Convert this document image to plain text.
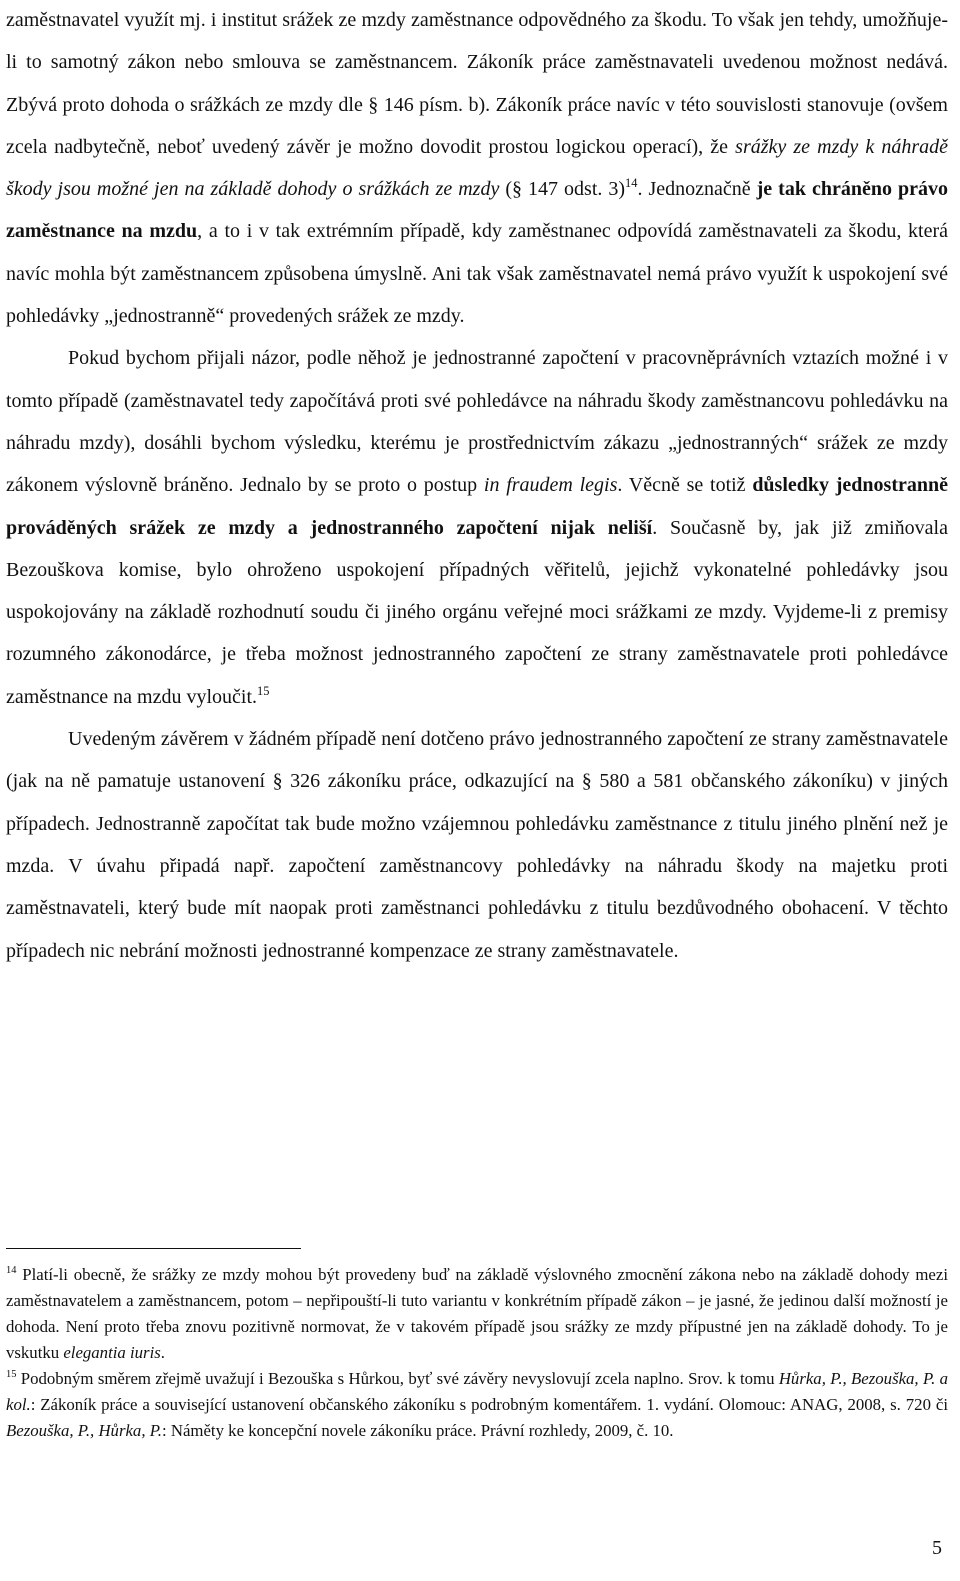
zaměstnavatel využít mj. i institut srážek ze mzdy zaměstnance odpovědného za škodu. To však jen tehdy, umožňuje-li to samotný zákon nebo smlouva se zaměstnancem. Zákoník práce zaměstnavateli uvedenou možnost nedává. Zbývá proto dohoda o srážkách ze mzdy dle § 146 písm. b). Zákoník práce navíc v této souvislosti stanovuje (ovšem zcela nadbytečně, neboť uvedený závěr je možno dovodit prostou logickou operací), že srážky ze mzdy k náhradě škody jsou možné jen na základě dohody o srážkách ze mzdy (§ 147 odst. 3)$^{14}$. Jednoznačně je tak chráněno právo zaměstnance na mzdu, a to i v tak extrémním případě, kdy zaměstnanec odpovídá zaměstnavateli za škodu, která navíc mohla být zaměstnancem způsobena úmyslně. Ani tak však zaměstnavatel nemá právo využít k uspokojení své pohledávky „jednostranně“ provedených srážek ze mzdy.

Pokud bychom přijali názor, podle něhož je jednostranné započtení v pracovněprávních vztazích možné i v tomto případě (zaměstnavatel tedy započítává proti své pohledávce na náhradu škody zaměstnancovu pohledávku na náhradu mzdy), dosáhli bychom výsledku, kterému je prostřednictvím zákazu „jednostranných“ srážek ze mzdy zákonem výslovně bráněno. Jednalo by se proto o postup in fraudem legis. Věcně se totiž důsledky jednostranně prováděných srážek ze mzdy a jednostranného započtení nijak neliší. Současně by, jak již zmiňovala Bezouškova komise, bylo ohroženo uspokojení případných věřitelů, jejichž vykonatelné pohledávky jsou uspokojovány na základě rozhodnutí soudu či jiného orgánu veřejné moci srážkami ze mzdy. Vyjdeme-li z premisy rozumného zákonodárce, je třeba možnost jednostranného započtení ze strany zaměstnavatele proti pohledávce zaměstnance na mzdu vyloučit.$^{15}$

Uvedeným závěrem v žádném případě není dotčeno právo jednostranného započtení ze strany zaměstnavatele (jak na ně pamatuje ustanovení § 326 zákoníku práce, odkazující na § 580 a 581 občanského zákoníku) v jiných případech. Jednostranně započítat tak bude možno vzájemnou pohledávku zaměstnance z titulu jiného plnění než je mzda. V úvahu připadá např. započtení zaměstnancovy pohledávky na náhradu škody na majetku proti zaměstnavateli, který bude mít naopak proti zaměstnanci pohledávku z titulu bezdůvodného obohacení. V těchto případech nic nebrání možnosti jednostranné kompenzace ze strany zaměstnavatele.

$^{14}$ Platí-li obecně, že srážky ze mzdy mohou být provedeny buď na základě výslovného zmocnění zákona nebo na základě dohody mezi zaměstnavatelem a zaměstnancem, potom – nepřipouští-li tuto variantu v konkrétním případě zákon – je jasné, že jedinou další možností je dohoda. Není proto třeba znovu pozitivně normovat, že v takovém případě jsou srážky ze mzdy přípustné jen na základě dohody. To je vskutku elegantia iuris.

$^{15}$ Podobným směrem zřejmě uvažují i Bezouška s Hůrkou, byť své závěry nevyslovují zcela naplno. Srov. k tomu Hůrka, P., Bezouška, P. a kol.: Zákoník práce a související ustanovení občanského zákoníku s podrobným komentářem. 1. vydání. Olomouc: ANAG, 2008, s. 720 či Bezouška, P., Hůrka, P.: Náměty ke koncepční novele zákoníku práce. Právní rozhledy, 2009, č. 10.

5
